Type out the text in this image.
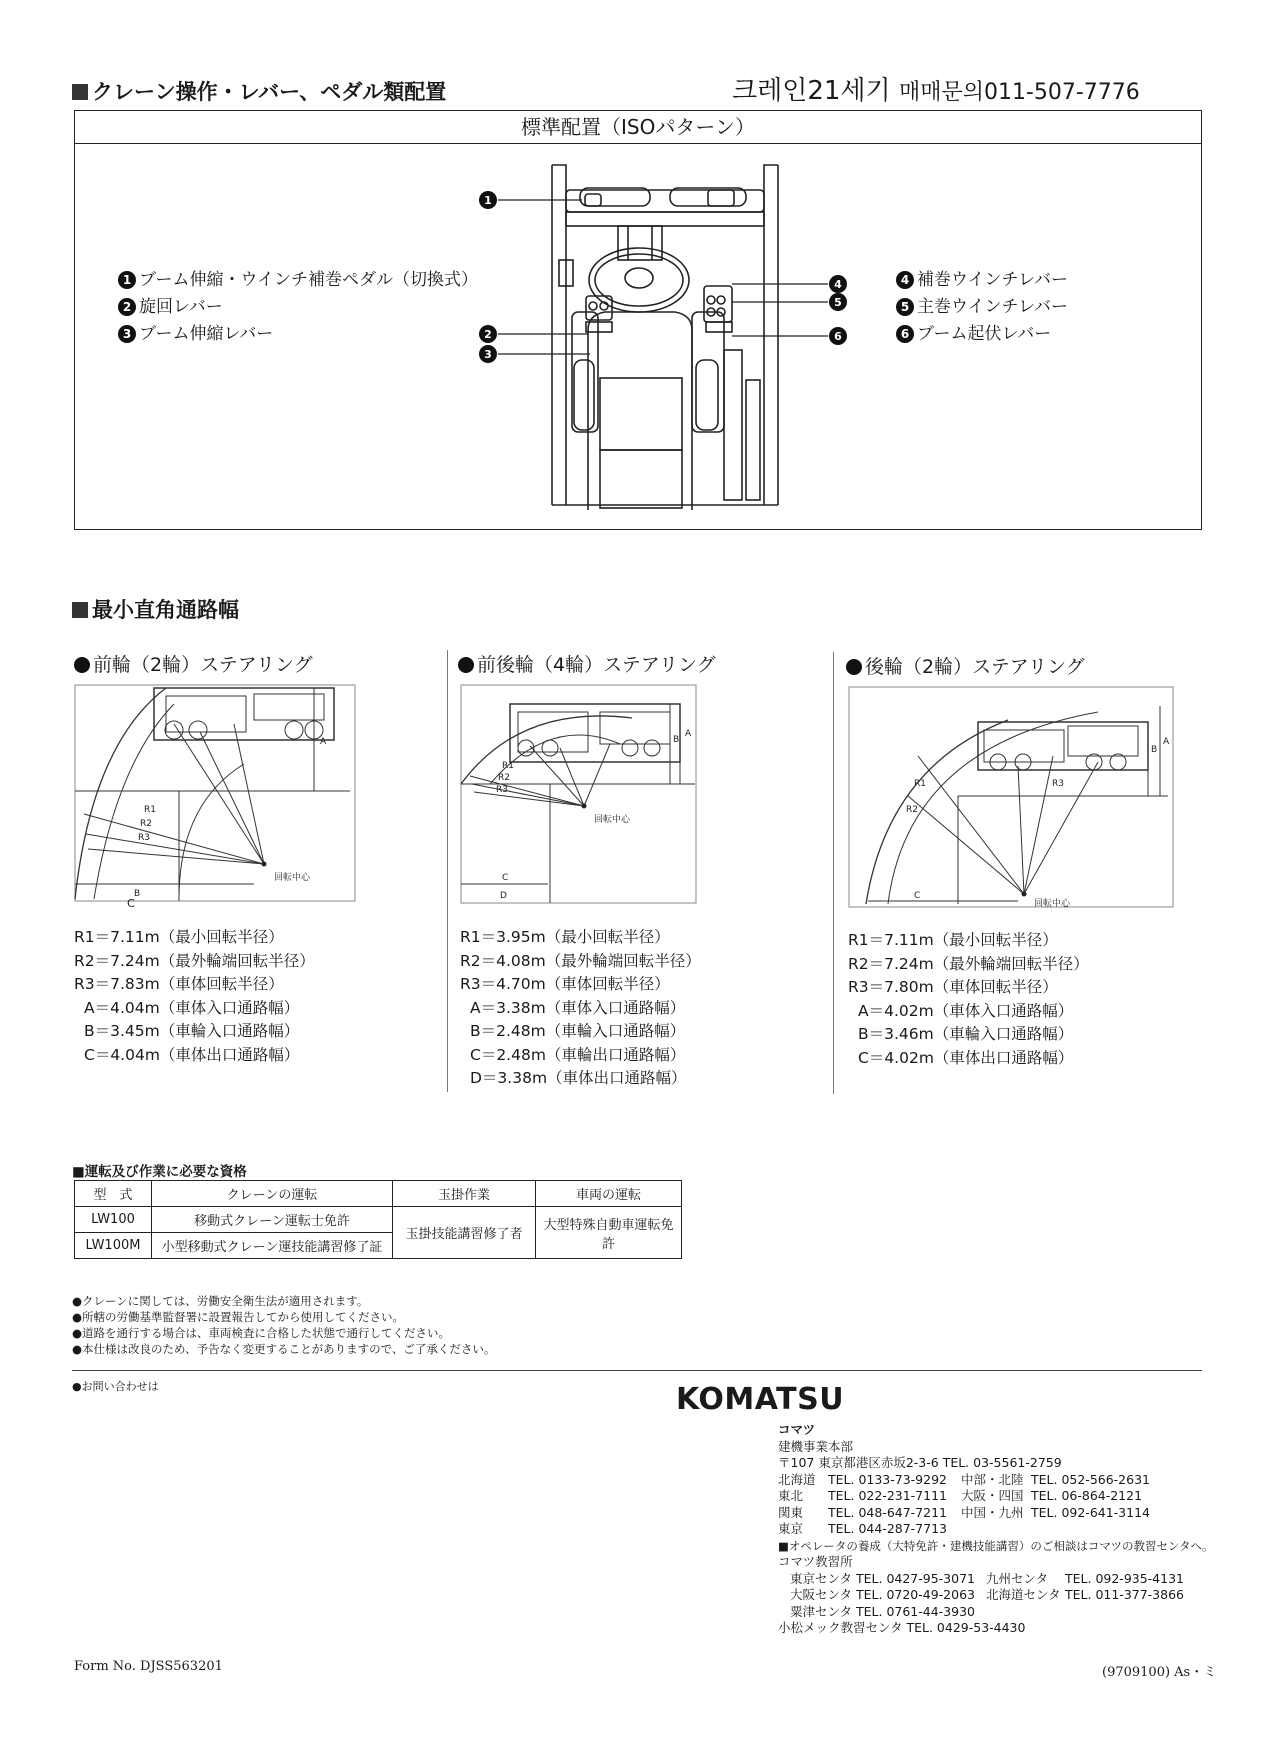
クレーン操作・レバー、ペダル類配置	크레인21세기 매매문의011-507-7776
標準配置（ISOパターン）
1 ブーム伸縮・ウインチ補巻ペダル（切換式）
2 旋回レバー
3 ブーム伸縮レバー
4 補巻ウインチレバー
5 主巻ウインチレバー
6 ブーム起伏レバー
1
2
3
4
5
6
最小直角通路幅
前輪（2輪）ステアリング	前後輪（4輪）ステアリング	後輪（2輪）ステアリング
R1
R2
R3
A
B
回転中心
C
R1
R2
R3
B
A
C
D
回転中心
R1
R2
R3
B
A
C
回転中心
R1＝7.11m（最小回転半径）
R2＝7.24m（最外輪端回転半径）
R3＝7.83m（車体回転半径）
A＝4.04m（車体入口通路幅）
B＝3.45m（車輪入口通路幅）
C＝4.04m（車体出口通路幅）
R1＝3.95m（最小回転半径）
R2＝4.08m（最外輪端回転半径）
R3＝4.70m（車体回転半径）
A＝3.38m（車体入口通路幅）
B＝2.48m（車輪入口通路幅）
C＝2.48m（車輪出口通路幅）
D＝3.38m（車体出口通路幅）
R1＝7.11m（最小回転半径）
R2＝7.24m（最外輪端回転半径）
R3＝7.80m（車体回転半径）
A＝4.02m（車体入口通路幅）
B＝3.46m（車輪入口通路幅）
C＝4.02m（車体出口通路幅）
■運転及び作業に必要な資格
型　式	クレーンの運転	玉掛作業	車両の運転
LW100	移動式クレーン運転士免許	玉掛技能講習修了者	大型特殊自動車運転免許
LW100M	小型移動式クレーン運技能講習修了証		
●クレーンに関しては、労働安全衛生法が適用されます。
●所轄の労働基準監督署に設置報告してから使用してください。
●道路を通行する場合は、車両検査に合格した状態で通行してください。
●本仕様は改良のため、予告なく変更することがありますので、ご了承ください。
●お問い合わせは	KOMATSU
コマツ
建機事業本部
〒107 東京都港区赤坂2-3-6 TEL. 03-5561-2759
北海道 TEL. 0133-73-9292 中部・北陸 TEL. 052-566-2631
東北 TEL. 022-231-7111 大阪・四国 TEL. 06-864-2121
関東 TEL. 048-647-7211 中国・九州 TEL. 092-641-3114
東京 TEL. 044-287-7713
■オペレータの養成（大特免許・建機技能講習）のご相談はコマツの教習センタへ。
コマツ教習所
東京センタ TEL. 0427-95-3071 九州センタ TEL. 092-935-4131
大阪センタ TEL. 0720-49-2063 北海道センタ TEL. 011-377-3866
粟津センタ TEL. 0761-44-3930
小松メック教習センタ TEL. 0429-53-4430
Form No. DJSS563201	(9709100) As・ミ
